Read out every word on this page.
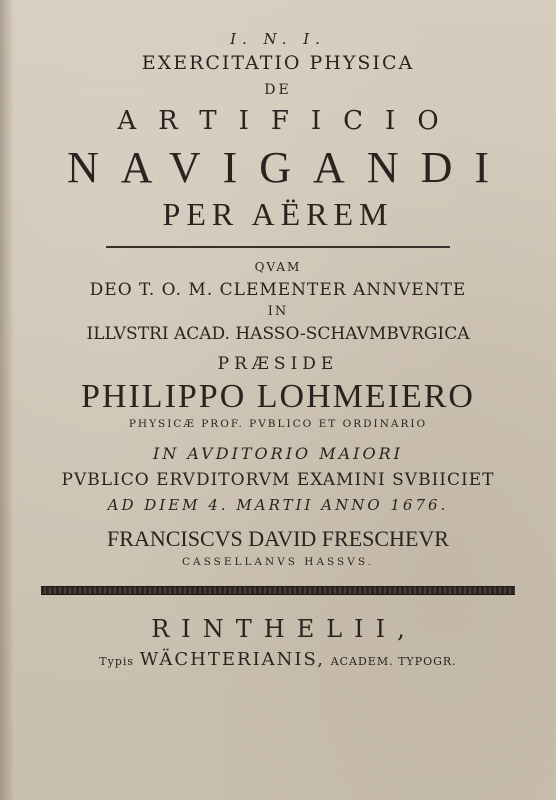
I. N. I.
EXERCITATIO PHYSICA
DE
ARTIFICIO
NAVIGANDI
PER AËREM
QVAM
DEO T. O. M. CLEMENTER ANNVENTE
IN
ILLVSTRI ACAD. HASSO-SCHAVMBVRGICA
PRÆSIDE
PHILIPPO LOHMEIERO
PHYSICÆ PROF. PVBLICO ET ORDINARIO
IN AVDITORIO MAIORI
PVBLICO ERVDITORVM EXAMINI SVBIICIET
AD DIEM 4. MARTII ANNO 1676.
FRANCISCVS DAVID FRESCHEVR
CASSELLANVS HASSVS.
RINTHELII,
Typis WÄCHTERIANIS, ACADEM. TYPOGR.
